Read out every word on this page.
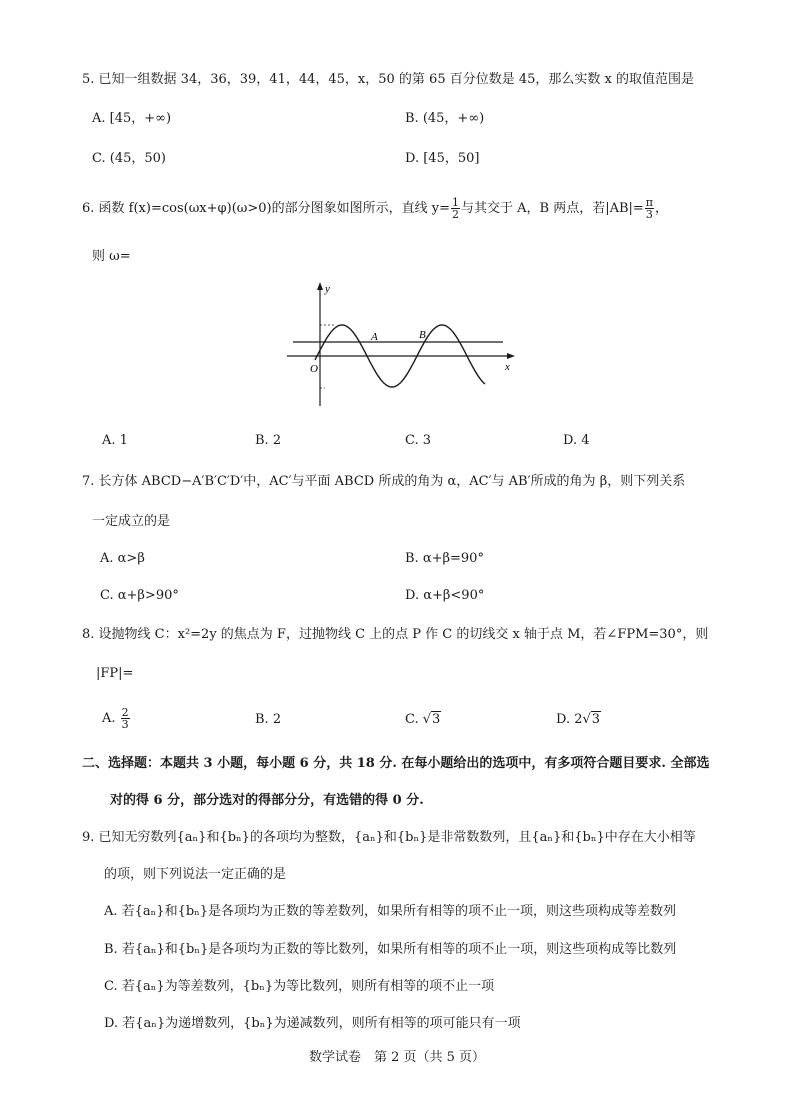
5. 已知一组数据 34，36，39，41，44，45，x，50 的第 65 百分位数是 45，那么实数 x 的取值范围是
A. [45，+∞)	B. (45，+∞)
C. (45，50)	D. [45，50]
6. 函数 f(x)=cos(ωx+φ)(ω>0)的部分图象如图所示，直线 $y= \frac{1}{2}$ 与其交于 A，B 两点，若$|AB|= \frac{\pi}{3}$ ，
则 ω=
y
x
O
A	B
A. 1	B. 2	C. 3	D. 4
7. 长方体 ABCD−A′B′C′D′中，AC′与平面 ABCD 所成的角为 α，AC′与 AB′所成的角为 β，则下列关系
一定成立的是
A. α>β	B. α+β=90°
C. α+β>90°	D. α+β<90°
8. 设抛物线 C：x²=2y 的焦点为 F，过抛物线 C 上的点 P 作 C 的切线交 x 轴于点 M，若∠FPM=30°，则
|FP|=
A. $\frac{2}{3}$	B. 2	C. √3	D. 2√3
二、选择题：本题共 3 小题，每小题 6 分，共 18 分. 在每小题给出的选项中，有多项符合题目要求. 全部选
对的得 6 分，部分选对的得部分分，有选错的得 0 分.
9. 已知无穷数列{aₙ}和{bₙ}的各项均为整数，{aₙ}和{bₙ}是非常数数列，且{aₙ}和{bₙ}中存在大小相等
的项，则下列说法一定正确的是
A. 若{aₙ}和{bₙ}是各项均为正数的等差数列，如果所有相等的项不止一项，则这些项构成等差数列
B. 若{aₙ}和{bₙ}是各项均为正数的等比数列，如果所有相等的项不止一项，则这些项构成等比数列
C. 若{aₙ}为等差数列，{bₙ}为等比数列，则所有相等的项不止一项
D. 若{aₙ}为递增数列，{bₙ}为递减数列，则所有相等的项可能只有一项
数学试卷　第 2 页（共 5 页）
